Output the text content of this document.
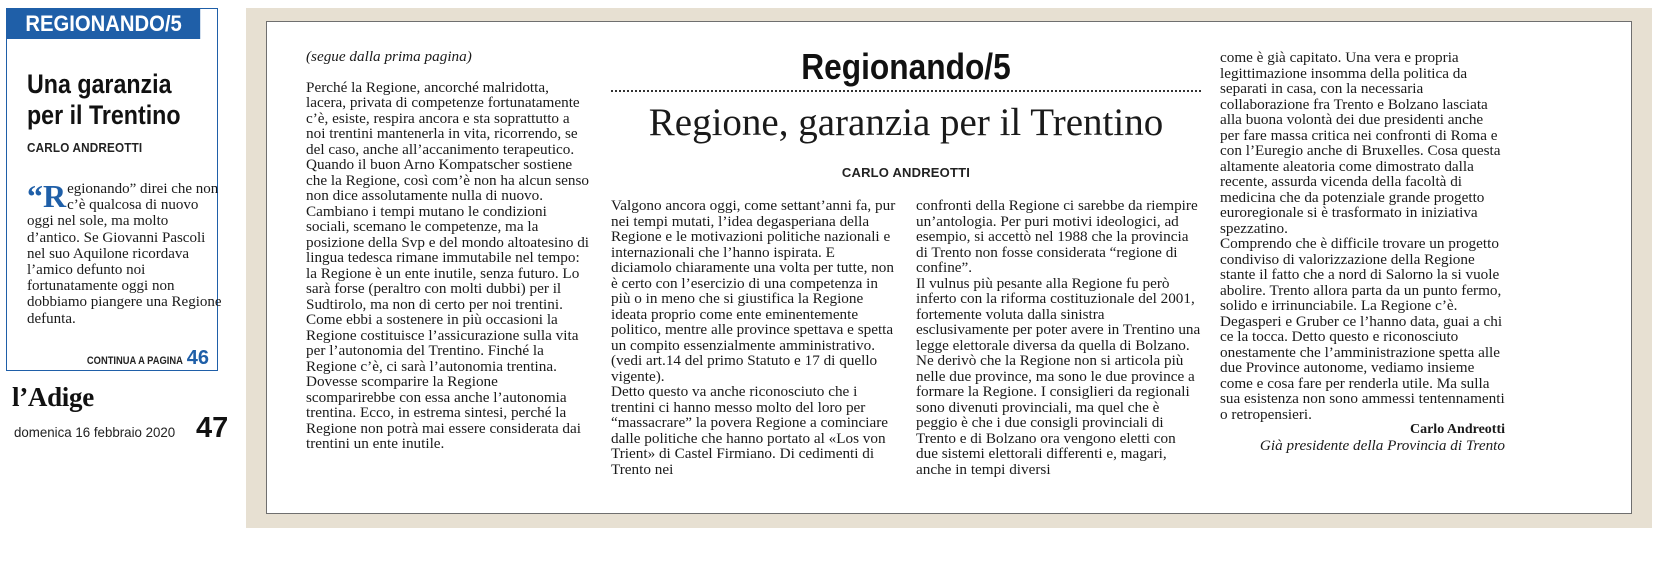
REGIONANDO/5
Una garanzia
per il Trentino
CARLO ANDREOTTI
“Regionando” direi che non c’è qualcosa di nuovo oggi nel sole, ma molto d’antico. Se Giovanni Pascoli nel suo Aquilone ricordava l’amico defunto noi fortunatamente oggi non dobbiamo piangere una Regione defunta.
CONTINUA A PAGINA 46
l’Adige
domenica 16 febbraio 2020 47

(segue dalla prima pagina)

Perché la Regione, ancorché malridotta, lacera, privata di competenze fortunatamente c’è, esiste, respira ancora e sta soprattutto a noi trentini mantenerla in vita, ricorrendo, se del caso, anche all’accanimento terapeutico.

Quando il buon Arno Kompatscher sostiene che la Regione, così com’è non ha alcun senso non dice assolutamente nulla di nuovo. Cambiano i tempi mutano le condizioni sociali, scemano le competenze, ma la posizione della Svp e del mondo altoatesino di lingua tedesca rimane immutabile nel tempo: la Regione è un ente inutile, senza futuro. Lo sarà forse (peraltro con molti dubbi) per il Sudtirolo, ma non di certo per noi trentini.

Come ebbi a sostenere in più occasioni la Regione costituisce l’assicurazione sulla vita per l’autonomia del Trentino. Finché la Regione c’è, ci sarà l’autonomia trentina. Dovesse scomparire la Regione scomparirebbe con essa anche l’autonomia trentina. Ecco, in estrema sintesi, perché la Regione non potrà mai essere considerata dai trentini un ente inutile.

Regionando/5
Regione, garanzia per il Trentino
CARLO ANDREOTTI

Valgono ancora oggi, come settant’anni fa, pur nei tempi mutati, l’idea degasperiana della Regione e le motivazioni politiche nazionali e internazionali che l’hanno ispirata. E diciamolo chiaramente una volta per tutte, non è certo con l’esercizio di una competenza in più o in meno che si giustifica la Regione ideata proprio come ente eminentemente politico, mentre alle province spettava e spetta un compito essenzialmente amministrativo. (vedi art.14 del primo Statuto e 17 di quello vigente).

Detto questo va anche riconosciuto che i trentini ci hanno messo molto del loro per “massacrare” la povera Regione a cominciare dalle politiche che hanno portato al «Los von Trient» di Castel Firmiano. Di cedimenti di Trento nei

confronti della Regione ci sarebbe da riempire un’antologia. Per puri motivi ideologici, ad esempio, si accettò nel 1988 che la provincia di Trento non fosse considerata “regione di confine”.

Il vulnus più pesante alla Regione fu però inferto con la riforma costituzionale del 2001, fortemente voluta dalla sinistra esclusivamente per poter avere in Trentino una legge elettorale diversa da quella di Bolzano. Ne derivò che la Regione non si articola più nelle due province, ma sono le due province a formare la Regione. I consiglieri da regionali sono divenuti provinciali, ma quel che è peggio è che i due consigli provinciali di Trento e di Bolzano ora vengono eletti con due sistemi elettorali differenti e, magari, anche in tempi diversi

come è già capitato. Una vera e propria legittimazione insomma della politica da separati in casa, con la necessaria collaborazione fra Trento e Bolzano lasciata alla buona volontà dei due presidenti anche per fare massa critica nei confronti di Roma e con l’Euregio anche di Bruxelles. Cosa questa altamente aleatoria come dimostrato dalla recente, assurda vicenda della facoltà di medicina che da potenziale grande progetto euroregionale si è trasformato in iniziativa spezzatino.

Comprendo che è difficile trovare un progetto condiviso di valorizzazione della Regione stante il fatto che a nord di Salorno la si vuole abolire. Trento allora parta da un punto fermo, solido e irrinunciabile. La Regione c’è. Degasperi e Gruber ce l’hanno data, guai a chi ce la tocca. Detto questo e riconosciuto onestamente che l’amministrazione spetta alle due Province autonome, vediamo insieme come e cosa fare per renderla utile. Ma sulla sua esistenza non sono ammessi tentennamenti o retropensieri.

Carlo Andreotti

Già presidente della Provincia di Trento
